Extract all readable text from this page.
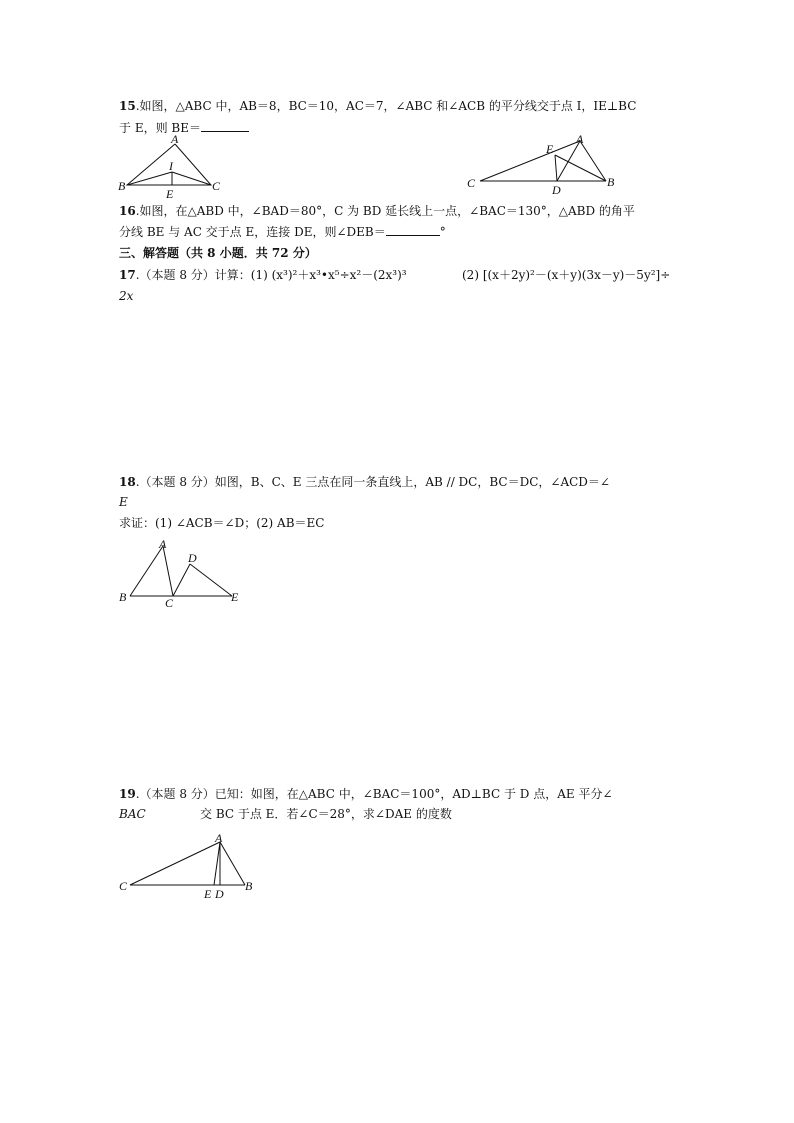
15.如图，△ABC 中，AB＝8，BC＝10，AC＝7，∠ABC 和∠ACB 的平分线交于点 I，IE⊥BC
于 E，则 BE＝
A
B	C
I
E
A
B
C	D
E
16.如图，在△ABD 中，∠BAD＝80°，C 为 BD 延长线上一点，∠BAC＝130°，△ABD 的角平
分线 BE 与 AC 交于点 E，连接 DE，则∠DEB＝	°
三、解答题（共 8 小题．共 72 分）
17.（本题 8 分）计算：(1) (x³)²＋x³•x⁵÷x²－(2x³)³	(2) [(x＋2y)²－(x＋y)(3x－y)－5y²]÷
2x
18.（本题 8 分）如图，B、C、E 三点在同一条直线上，AB // DC，BC＝DC，∠ACD＝∠
E
求证：(1) ∠ACB＝∠D；(2) AB＝EC
A
B	C
D
E
19.（本题 8 分）已知：如图，在△ABC 中，∠BAC＝100°，AD⊥BC 于 D 点，AE 平分∠
BAC	交 BC 于点 E．若∠C＝28°，求∠DAE 的度数
A
B
C
E D
